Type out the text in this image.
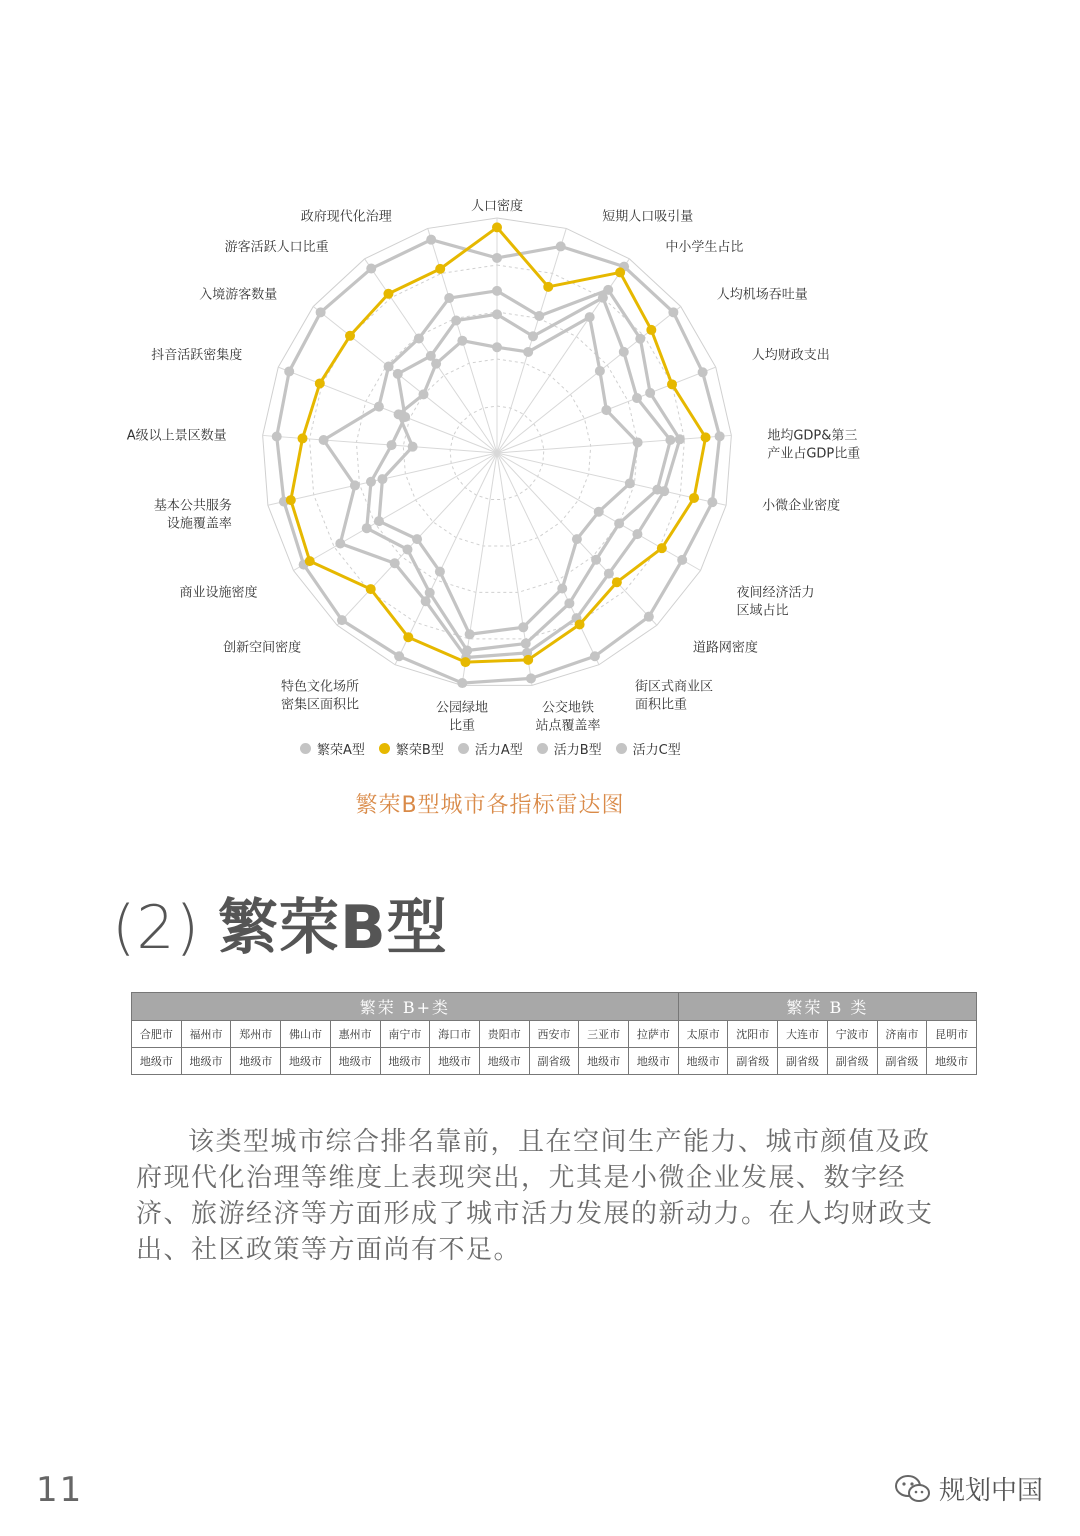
人口密度
短期人口吸引量
中小学生占比
人均机场吞吐量
人均财政支出
地均GDP&第三产业占GDP比重
小微企业密度
夜间经济活力区域占比
道路网密度
街区式商业区面积比重
公交地铁站点覆盖率
公园绿地比重
特色文化场所密集区面积比
创新空间密度
商业设施密度
基本公共服务设施覆盖率
A级以上景区数量
抖音活跃密集度
入境游客数量
游客活跃人口比重
政府现代化治理
繁荣A型 繁荣B型 活力A型 活力B型 活力C型
繁荣B型城市各指标雷达图
(2) 繁荣B型
繁荣 B+类											繁荣 B 类					
合肥市	福州市	郑州市	佛山市	惠州市	南宁市	海口市	贵阳市	西安市	三亚市	拉萨市	太原市	沈阳市	大连市	宁波市	济南市	昆明市
地级市	地级市	地级市	地级市	地级市	地级市	地级市	地级市	副省级	地级市	地级市	地级市	副省级	副省级	副省级	副省级	地级市

该类型城市综合排名靠前，且在空间生产能力、城市颜值及政府现代化治理等维度上表现突出，尤其是小微企业发展、数字经济、旅游经济等方面形成了城市活力发展的新动力。在人均财政支出、社区政策等方面尚有不足。

11	规划中国
